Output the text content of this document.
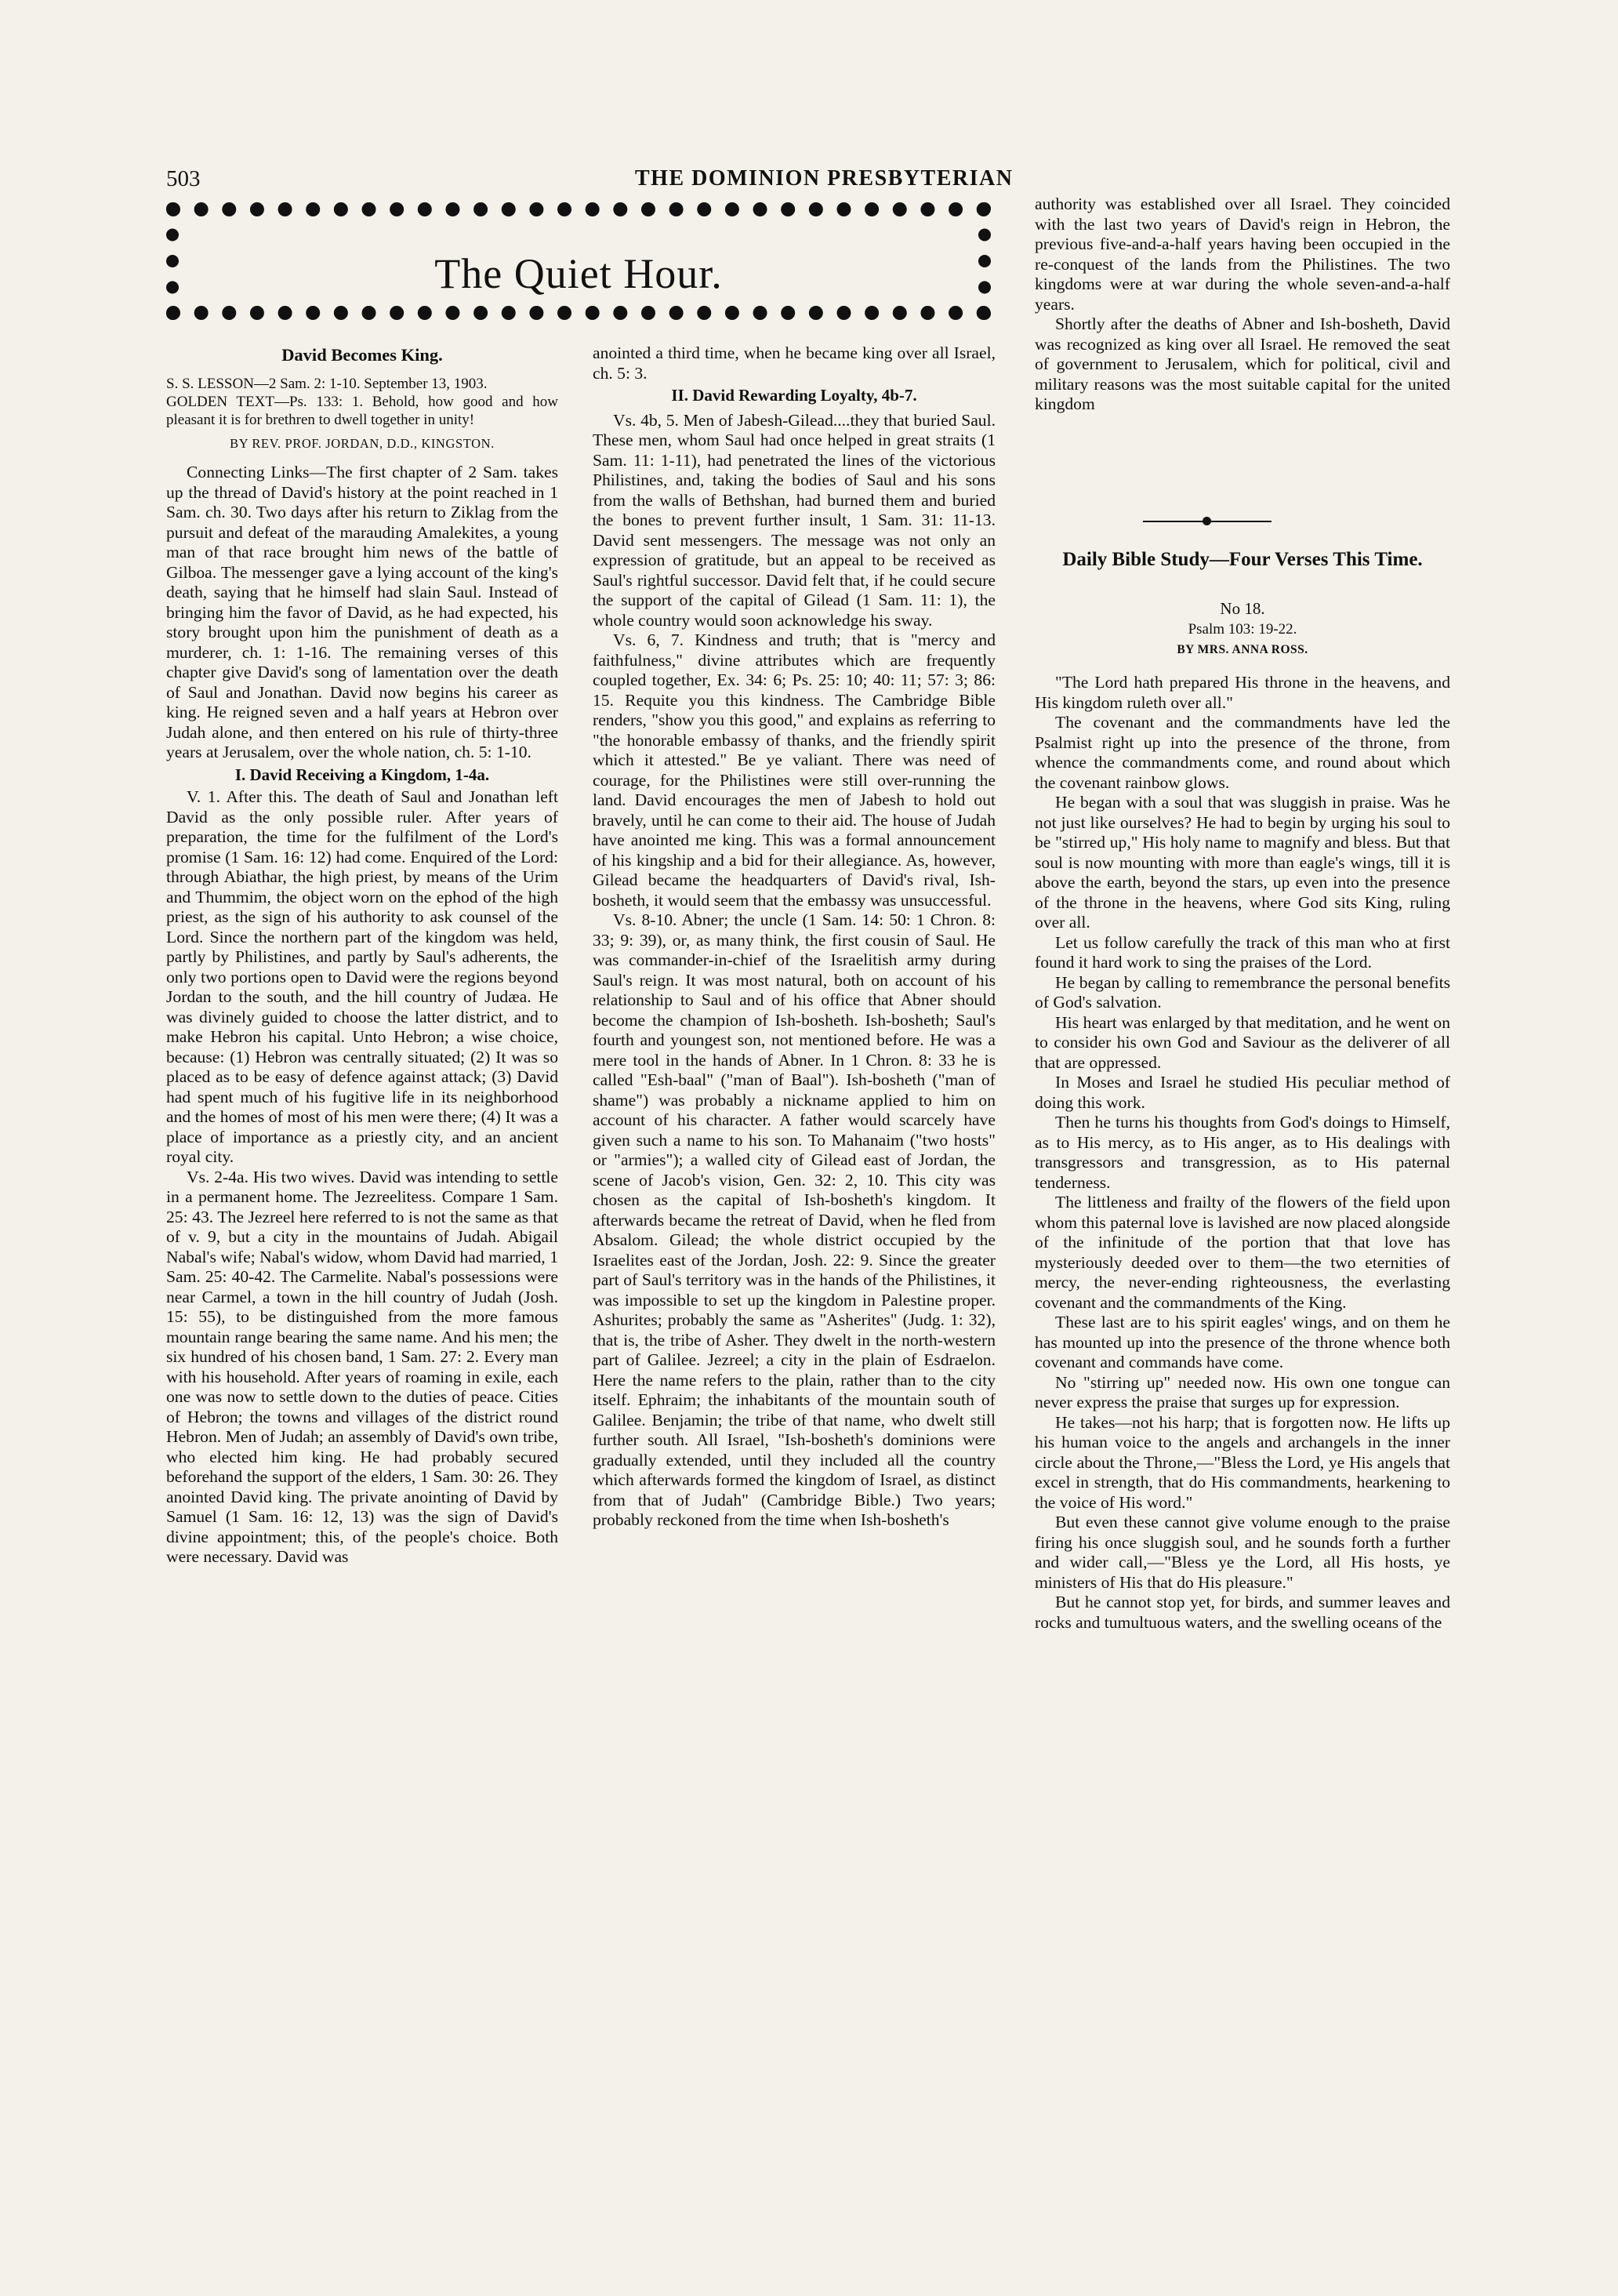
503	THE DOMINION PRESBYTERIAN
The Quiet Hour.
David Becomes King.

S. S. LESSON—2 Sam. 2: 1-10. September 13, 1903.

GOLDEN TEXT—Ps. 133: 1. Behold, how good and how pleasant it is for brethren to dwell together in unity!

BY REV. PROF. JORDAN, D.D., KINGSTON.

Connecting Links—The first chapter of 2 Sam. takes up the thread of David's history at the point reached in 1 Sam. ch. 30. Two days after his return to Ziklag from the pursuit and defeat of the marauding Amalekites, a young man of that race brought him news of the battle of Gilboa. The messenger gave a lying account of the king's death, saying that he himself had slain Saul. Instead of bringing him the favor of David, as he had expected, his story brought upon him the punishment of death as a murderer, ch. 1: 1-16. The remaining verses of this chapter give David's song of lamentation over the death of Saul and Jonathan. David now begins his career as king. He reigned seven and a half years at Hebron over Judah alone, and then entered on his rule of thirty-three years at Jerusalem, over the whole nation, ch. 5: 1-10.

I. David Receiving a Kingdom, 1-4a.

V. 1. After this. The death of Saul and Jonathan left David as the only possible ruler. After years of preparation, the time for the fulfilment of the Lord's promise (1 Sam. 16: 12) had come. Enquired of the Lord: through Abiathar, the high priest, by means of the Urim and Thummim, the object worn on the ephod of the high priest, as the sign of his authority to ask counsel of the Lord. Since the northern part of the kingdom was held, partly by Philistines, and partly by Saul's adherents, the only two portions open to David were the regions beyond Jordan to the south, and the hill country of Judæa. He was divinely guided to choose the latter district, and to make Hebron his capital. Unto Hebron; a wise choice, because: (1) Hebron was centrally situated; (2) It was so placed as to be easy of defence against attack; (3) David had spent much of his fugitive life in its neighborhood and the homes of most of his men were there; (4) It was a place of importance as a priestly city, and an ancient royal city.

Vs. 2-4a. His two wives. David was intending to settle in a permanent home. The Jezreelitess. Compare 1 Sam. 25: 43. The Jezreel here referred to is not the same as that of v. 9, but a city in the mountains of Judah. Abigail Nabal's wife; Nabal's widow, whom David had married, 1 Sam. 25: 40-42. The Carmelite. Nabal's possessions were near Carmel, a town in the hill country of Judah (Josh. 15: 55), to be distinguished from the more famous mountain range bearing the same name. And his men; the six hundred of his chosen band, 1 Sam. 27: 2. Every man with his household. After years of roaming in exile, each one was now to settle down to the duties of peace. Cities of Hebron; the towns and villages of the district round Hebron. Men of Judah; an assembly of David's own tribe, who elected him king. He had probably secured beforehand the support of the elders, 1 Sam. 30: 26. They anointed David king. The private anointing of David by Samuel (1 Sam. 16: 12, 13) was the sign of David's divine appointment; this, of the people's choice. Both were necessary. David was

anointed a third time, when he became king over all Israel, ch. 5: 3.

II. David Rewarding Loyalty, 4b-7.

Vs. 4b, 5. Men of Jabesh-Gilead....they that buried Saul. These men, whom Saul had once helped in great straits (1 Sam. 11: 1-11), had penetrated the lines of the victorious Philistines, and, taking the bodies of Saul and his sons from the walls of Bethshan, had burned them and buried the bones to prevent further insult, 1 Sam. 31: 11-13. David sent messengers. The message was not only an expression of gratitude, but an appeal to be received as Saul's rightful successor. David felt that, if he could secure the support of the capital of Gilead (1 Sam. 11: 1), the whole country would soon acknowledge his sway.

Vs. 6, 7. Kindness and truth; that is "mercy and faithfulness," divine attributes which are frequently coupled together, Ex. 34: 6; Ps. 25: 10; 40: 11; 57: 3; 86: 15. Requite you this kindness. The Cambridge Bible renders, "show you this good," and explains as referring to "the honorable embassy of thanks, and the friendly spirit which it attested." Be ye valiant. There was need of courage, for the Philistines were still over-running the land. David encourages the men of Jabesh to hold out bravely, until he can come to their aid. The house of Judah have anointed me king. This was a formal announcement of his kingship and a bid for their allegiance. As, however, Gilead became the headquarters of David's rival, Ish-bosheth, it would seem that the embassy was unsuccessful.

Vs. 8-10. Abner; the uncle (1 Sam. 14: 50: 1 Chron. 8: 33; 9: 39), or, as many think, the first cousin of Saul. He was commander-in-chief of the Israelitish army during Saul's reign. It was most natural, both on account of his relationship to Saul and of his office that Abner should become the champion of Ish-bosheth. Ish-bosheth; Saul's fourth and youngest son, not mentioned before. He was a mere tool in the hands of Abner. In 1 Chron. 8: 33 he is called "Esh-baal" ("man of Baal"). Ish-bosheth ("man of shame") was probably a nickname applied to him on account of his character. A father would scarcely have given such a name to his son. To Mahanaim ("two hosts" or "armies"); a walled city of Gilead east of Jordan, the scene of Jacob's vision, Gen. 32: 2, 10. This city was chosen as the capital of Ish-bosheth's kingdom. It afterwards became the retreat of David, when he fled from Absalom. Gilead; the whole district occupied by the Israelites east of the Jordan, Josh. 22: 9. Since the greater part of Saul's territory was in the hands of the Philistines, it was impossible to set up the kingdom in Palestine proper. Ashurites; probably the same as "Asherites" (Judg. 1: 32), that is, the tribe of Asher. They dwelt in the north-western part of Galilee. Jezreel; a city in the plain of Esdraelon. Here the name refers to the plain, rather than to the city itself. Ephraim; the inhabitants of the mountain south of Galilee. Benjamin; the tribe of that name, who dwelt still further south. All Israel, "Ish-bosheth's dominions were gradually extended, until they included all the country which afterwards formed the kingdom of Israel, as distinct from that of Judah" (Cambridge Bible.) Two years; probably reckoned from the time when Ish-bosheth's

authority was established over all Israel. They coincided with the last two years of David's reign in Hebron, the previous five-and-a-half years having been occupied in the re-conquest of the lands from the Philistines. The two kingdoms were at war during the whole seven-and-a-half years.

Shortly after the deaths of Abner and Ish-bosheth, David was recognized as king over all Israel. He removed the seat of government to Jerusalem, which for political, civil and military reasons was the most suitable capital for the united kingdom

Daily Bible Study—Four Verses This Time.
No 18.
Psalm 103: 19-22.
BY MRS. ANNA ROSS.

"The Lord hath prepared His throne in the heavens, and His kingdom ruleth over all."

The covenant and the commandments have led the Psalmist right up into the presence of the throne, from whence the commandments come, and round about which the covenant rainbow glows.

He began with a soul that was sluggish in praise. Was he not just like ourselves? He had to begin by urging his soul to be "stirred up," His holy name to magnify and bless. But that soul is now mounting with more than eagle's wings, till it is above the earth, beyond the stars, up even into the presence of the throne in the heavens, where God sits King, ruling over all.

Let us follow carefully the track of this man who at first found it hard work to sing the praises of the Lord.

He began by calling to remembrance the personal benefits of God's salvation.

His heart was enlarged by that meditation, and he went on to consider his own God and Saviour as the deliverer of all that are oppressed.

In Moses and Israel he studied His peculiar method of doing this work.

Then he turns his thoughts from God's doings to Himself, as to His mercy, as to His anger, as to His dealings with transgressors and transgression, as to His paternal tenderness.

The littleness and frailty of the flowers of the field upon whom this paternal love is lavished are now placed alongside of the infinitude of the portion that that love has mysteriously deeded over to them—the two eternities of mercy, the never-ending righteousness, the everlasting covenant and the commandments of the King.

These last are to his spirit eagles' wings, and on them he has mounted up into the presence of the throne whence both covenant and commands have come.

No "stirring up" needed now. His own one tongue can never express the praise that surges up for expression.

He takes—not his harp; that is forgotten now. He lifts up his human voice to the angels and archangels in the inner circle about the Throne,—"Bless the Lord, ye His angels that excel in strength, that do His commandments, hearkening to the voice of His word."

But even these cannot give volume enough to the praise firing his once sluggish soul, and he sounds forth a further and wider call,—"Bless ye the Lord, all His hosts, ye ministers of His that do His pleasure."

But he cannot stop yet, for birds, and summer leaves and rocks and tumultuous waters, and the swelling oceans of the
